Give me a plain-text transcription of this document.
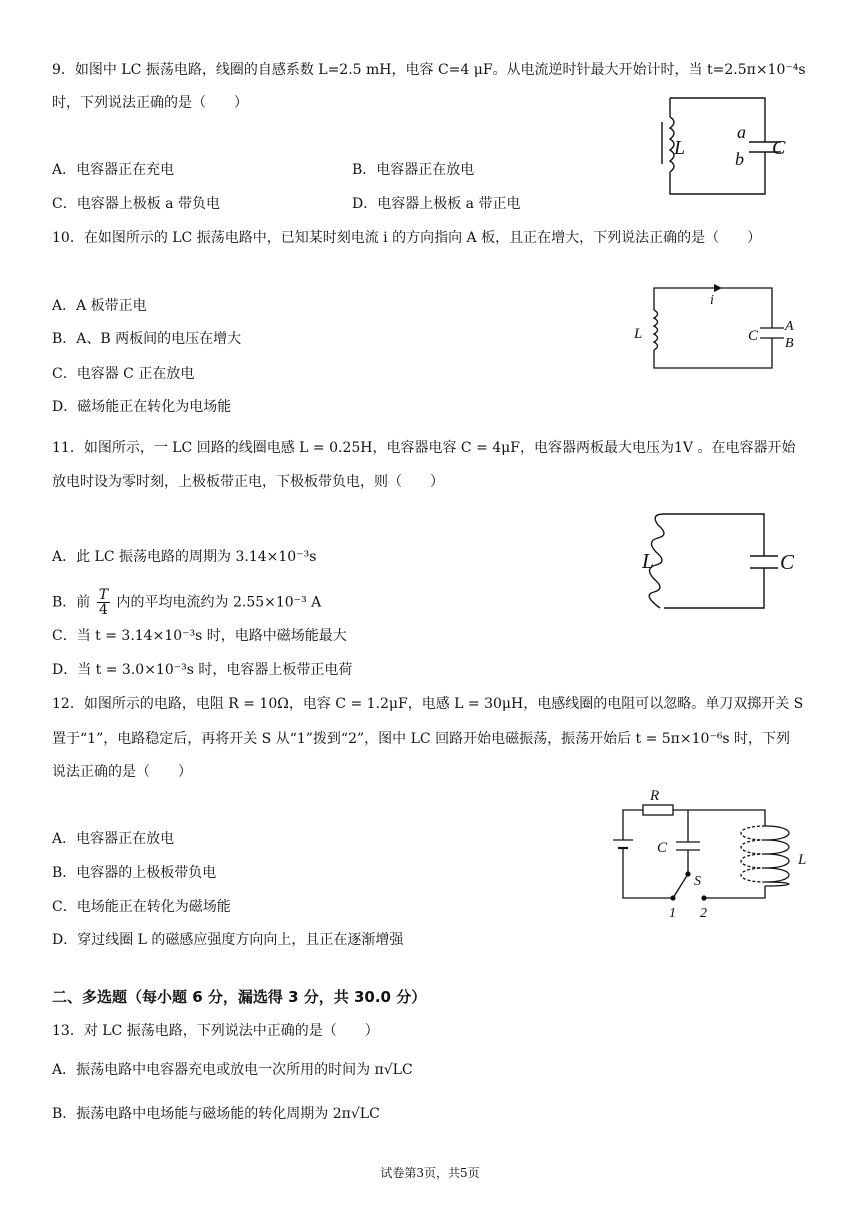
9．如图中 LC 振荡电路，线圈的自感系数 L=2.5 mH，电容 C=4 μF。从电流逆时针最大开始计时，当 t=2.5π×10⁻⁴s
时，下列说法正确的是（　　）
A．电容器正在充电	B．电容器正在放电
C．电容器上极板 a 带负电	D．电容器上极板 a 带正电
L
a
b C
10．在如图所示的 LC 振荡电路中，已知某时刻电流 i 的方向指向 A 板，且正在增大，下列说法正确的是（　　）
A．A 板带正电
B．A、B 两板间的电压在增大
C．电容器 C 正在放电
D．磁场能正在转化为电场能
i
L	C
A
B
11．如图所示，一 LC 回路的线圈电感 L = 0.25H，电容器电容 C = 4μF，电容器两板最大电压为1V 。在电容器开始
放电时设为零时刻，上极板带正电，下极板带负电，则（　　）
A．此 LC 振荡电路的周期为 3.14×10⁻³s
B．前 $\frac{T}{4}$ 内的平均电流约为 2.55×10⁻³ A
C．当 t = 3.14×10⁻³s 时，电路中磁场能最大
D．当 t = 3.0×10⁻³s 时，电容器上板带正电荷
L	C
12．如图所示的电路，电阻 R = 10Ω，电容 C = 1.2μF，电感 L = 30μH，电感线圈的电阻可以忽略。单刀双掷开关 S
置于“1”，电路稳定后，再将开关 S 从“1”拨到“2”，图中 LC 回路开始电磁振荡，振荡开始后 t = 5π×10⁻⁶s 时，下列
说法正确的是（　　）
A．电容器正在放电
B．电容器的上极板带负电
C．电场能正在转化为磁场能
D．穿过线圈 L 的磁感应强度方向向上，且正在逐渐增强
R
C
S
L
1 2
二、多选题（每小题 6 分，漏选得 3 分，共 30.0 分）
13．对 LC 振荡电路，下列说法中正确的是（　　）
A．振荡电路中电容器充电或放电一次所用的时间为 π√LC
B．振荡电路中电场能与磁场能的转化周期为 2π√LC
试卷第3页，共5页
